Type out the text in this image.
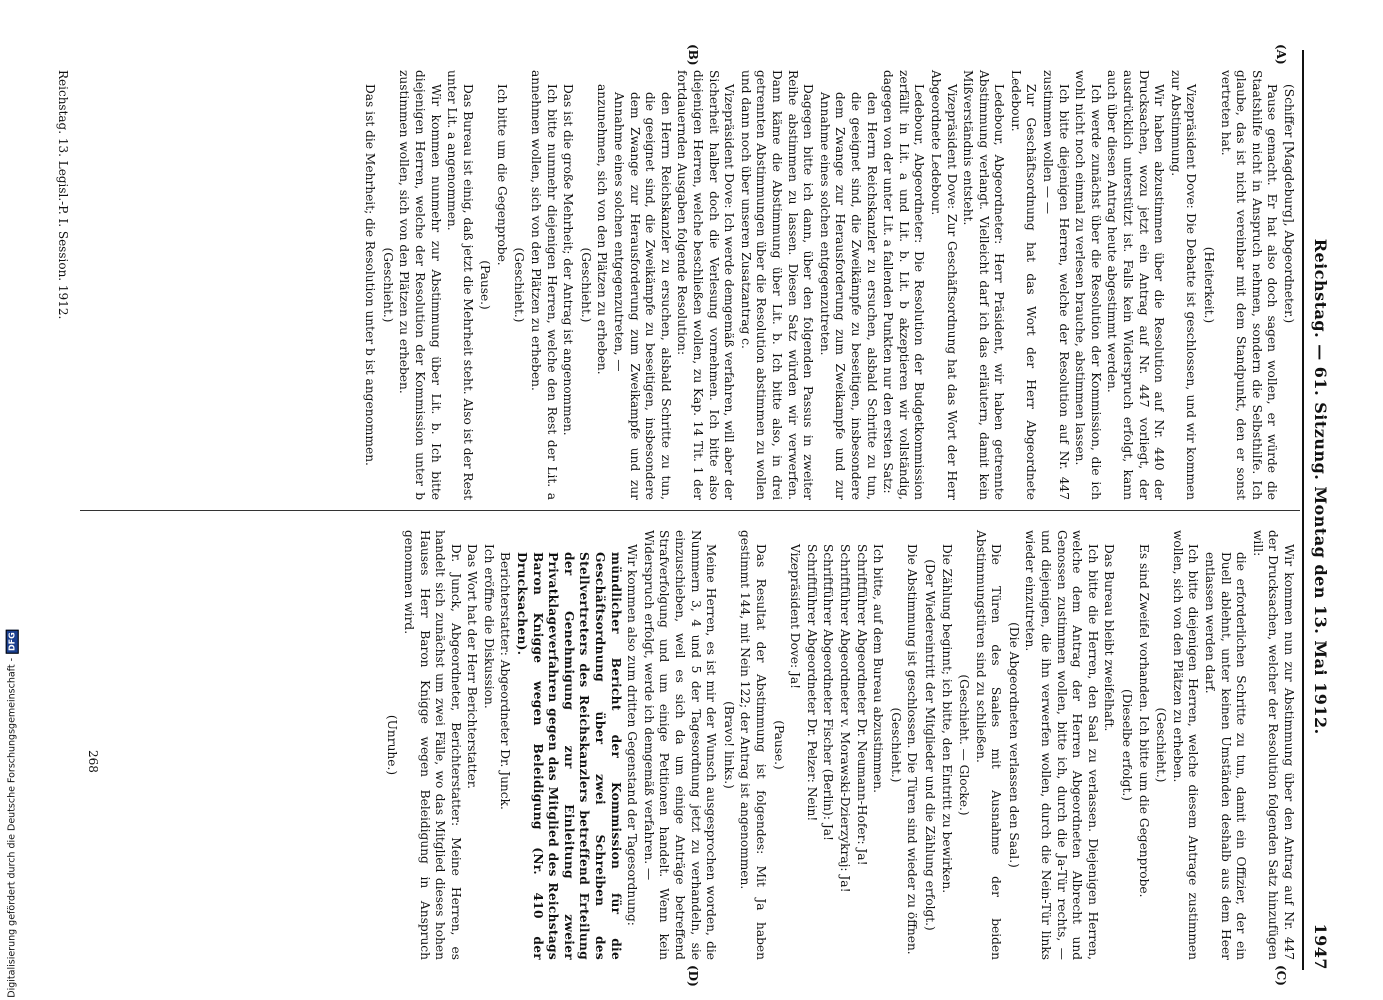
Reichstag. — 61. Sitzung. Montag den 13. Mai 1912.
1947
(A)
(B)
(C)
(D)

(Schiffer [Magdeburg], Abgeordneter.)

Pause gemacht. Er hat also doch sagen wollen, er würde die Staatshilfe nicht in Anspruch nehmen, sondern die Selbsthilfe. Ich glaube, das ist nicht vereinbar mit dem Standpunkt, den er sonst vertreten hat.

(Heiterkeit.)

Vizepräsident Dove: Die Debatte ist geschlossen, und wir kommen zur Abstimmung.

Wir haben abzustimmen über die Resolution auf Nr. 440 der Drucksachen, wozu jetzt ein Antrag auf Nr. 447 vorliegt, der ausdrücklich unterstützt ist. Falls kein Widerspruch erfolgt, kann auch über diesen Antrag heute abgestimmt werden.

Ich werde zunächst über die Resolution der Kommission, die ich wohl nicht noch einmal zu verlesen brauche, abstimmen lassen.

Ich bitte diejenigen Herren, welche der Resolution auf Nr. 447 zustimmen wollen — —

Zur Geschäftsordnung hat das Wort der Herr Abgeordnete Ledebour.

Ledebour, Abgeordneter: Herr Präsident, wir haben getrennte Abstimmung verlangt. Vielleicht darf ich das erläutern, damit kein Mißverständnis entsteht.

Vizepräsident Dove: Zur Geschäftsordnung hat das Wort der Herr Abgeordnete Ledebour.

Ledebour, Abgeordneter: Die Resolution der Budgetkommission zerfällt in Lit. a und Lit. b. Lit. b akzeptieren wir vollständig, dagegen von der unter Lit. a fallenden Punkten nur den ersten Satz:

den Herrn Reichskanzler zu ersuchen, alsbald Schritte zu tun, die geeignet sind, die Zweikämpfe zu beseitigen, insbesondere dem Zwange zur Herausforderung zum Zweikampfe und zur Annahme eines solchen entgegenzutreten.

Dagegen bitte ich dann, über den folgenden Passus in zweiter Reihe abstimmen zu lassen. Diesen Satz würden wir verwerfen. Dann käme die Abstimmung über Lit. b. Ich bitte also, in drei getrennten Abstimmungen über die Resolution abstimmen zu wollen und dann noch über unseren Zusatzantrag c.

Vizepräsident Dove: Ich werde demgemäß verfahren, will aber der Sicherheit halber doch die Verlesung vornehmen. Ich bitte also diejenigen Herren, welche beschließen wollen, zu Kap. 14 Tit. 1 der fortdauernden Ausgaben folgende Resolution:

den Herrn Reichskanzler zu ersuchen, alsbald Schritte zu tun, die geeignet sind, die Zweikämpfe zu beseitigen, insbesondere dem Zwange zur Herausforderung zum Zweikampfe und zur Annahme eines solchen entgegenzutreten, —

anzunehmen, sich von den Plätzen zu erheben.

(Geschieht.)

Das ist die große Mehrheit; der Antrag ist angenommen.

Ich bitte nunmehr diejenigen Herren, welche den Rest der Lit. a annehmen wollen, sich von den Plätzen zu erheben.

(Geschieht.)

Ich bitte um die Gegenprobe.

(Pause.)

Das Bureau ist einig, daß jetzt die Mehrheit steht. Also ist der Rest unter Lit. a angenommen.

Wir kommen nunmehr zur Abstimmung über Lit. b. Ich bitte diejenigen Herren, welche der Resolution der Kommission unter b zustimmen wollen, sich von den Plätzen zu erheben.

(Geschieht.)

Das ist die Mehrheit; die Resolution unter b ist angenommen.

Wir kommen nun zur Abstimmung über den Antrag auf Nr. 447 der Drucksachen, welcher der Resolution folgenden Satz hinzufügen will:

die erforderlichen Schritte zu tun, damit ein Offizier, der ein Duell ablehnt, unter keinen Umständen deshalb aus dem Heer entlassen werden darf.

Ich bitte diejenigen Herren, welche diesem Antrage zustimmen wollen, sich von den Plätzen zu erheben.

(Geschieht.)

Es sind Zweifel vorhanden. Ich bitte um die Gegenprobe.

(Dieselbe erfolgt.)

Das Bureau bleibt zweifelhaft.

Ich bitte die Herren, den Saal zu verlassen. Diejenigen Herren, welche dem Antrag der Herren Abgeordneten Albrecht und Genossen zustimmen wollen, bitte ich, durch die Ja-Tür rechts, — und diejenigen, die ihn verwerfen wollen, durch die Nein-Tür links wieder einzutreten.

(Die Abgeordneten verlassen den Saal.)

Die Türen des Saales mit Ausnahme der beiden Abstimmungstüren sind zu schließen.

(Geschieht. — Glocke.)

Die Zählung beginnt; ich bitte, den Eintritt zu bewirken.

(Der Wiedereintritt der Mitglieder und die Zählung erfolgt.)

Die Abstimmung ist geschlossen. Die Türen sind wieder zu öffnen.

(Geschieht.)

Ich bitte, auf dem Bureau abzustimmen.

Schriftführer Abgeordneter Dr. Neumann-Hofer: Ja!

Schriftführer Abgeordneter v. Morawski-Dzierzykraj: Ja!

Schriftführer Abgeordneter Fischer (Berlin): Ja!

Schriftführer Abgeordneter Dr. Pelzer: Nein!

Vizepräsident Dove: Ja!

(Pause.)

Das Resultat der Abstimmung ist folgendes: Mit Ja haben gestimmt 144, mit Nein 122; der Antrag ist angenommen.

(Bravo! links.)

Meine Herren, es ist mir der Wunsch ausgesprochen worden, die Nummern 3, 4 und 5 der Tagesordnung jetzt zu verhandeln, sie einzuschieben, weil es sich da um einige Anträge betreffend Strafverfolgung und um einige Petitionen handelt. Wenn kein Widerspruch erfolgt, werde ich demgemäß verfahren. —

Wir kommen also zum dritten Gegenstand der Tagesordnung:

mündlicher Bericht der Kommission für die Geschäftsordnung über zwei Schreiben des Stellvertreters des Reichskanzlers betreffend Erteilung der Genehmigung zur Einleitung zweier Privatklageverfahren gegen das Mitglied des Reichstags Baron Knigge wegen Beleidigung (Nr. 410 der Drucksachen).

Berichterstatter: Abgeordneter Dr. Junck.

Ich eröffne die Diskussion.

Das Wort hat der Herr Berichterstatter.

Dr. Junck, Abgeordneter, Berichterstatter: Meine Herren, es handelt sich zunächst um zwei Fälle, wo das Mitglied dieses hohen Hauses Herr Baron Knigge wegen Beleidigung in Anspruch genommen wird.

(Unruhe.)

Reichstag. 13. Legisl.-P. I. Session. 1912.
268
Digitalisierung gefördert durch die Deutsche Forschungsgemeinschaft -
DFG
